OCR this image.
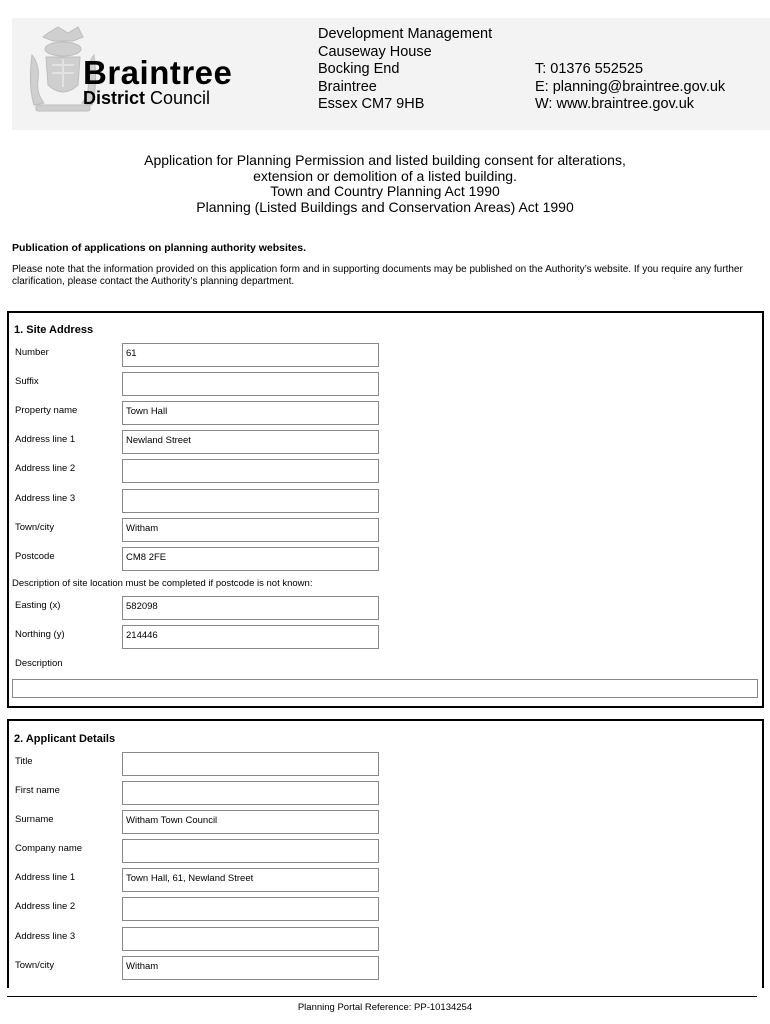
Braintree
District Council
Development Management
Causeway House
Bocking End
Braintree
Essex CM7 9HB
T: 01376 552525
E: planning@braintree.gov.uk
W: www.braintree.gov.uk
Application for Planning Permission and listed building consent for alterations,
extension or demolition of a listed building.
Town and Country Planning Act 1990
Planning (Listed Buildings and Conservation Areas) Act 1990
Publication of applications on planning authority websites.
Please note that the information provided on this application form and in supporting documents may be published on the Authority’s website. If you require any further clarification, please contact the Authority’s planning department.
1. Site Address
Number	61
Suffix
Property name	Town Hall
Address line 1	Newland Street
Address line 2
Address line 3
Town/city	Witham
Postcode	CM8 2FE
Description of site location must be completed if postcode is not known:
Easting (x)	582098
Northing (y)	214446
Description
2. Applicant Details
Title
First name
Surname	Witham Town Council
Company name
Address line 1	Town Hall, 61, Newland Street
Address line 2
Address line 3
Town/city	Witham
Planning Portal Reference: PP-10134254
